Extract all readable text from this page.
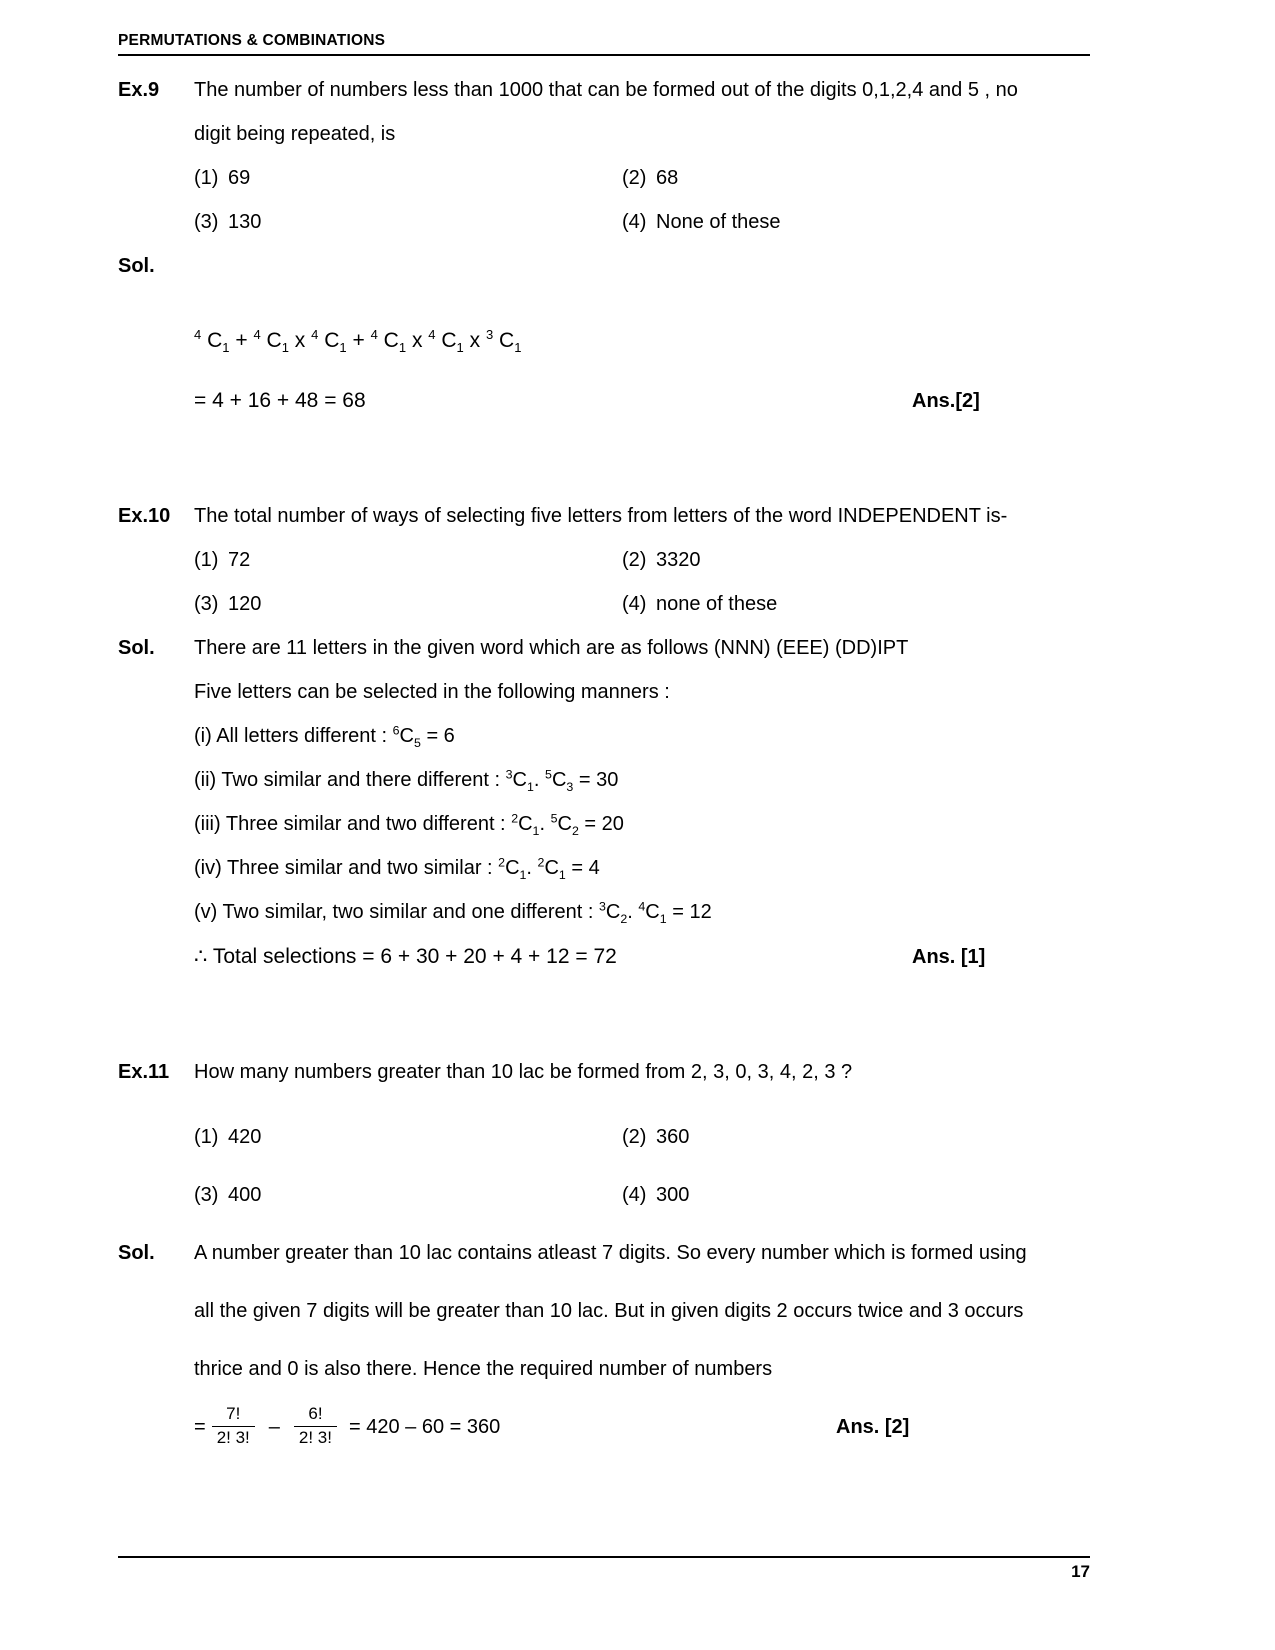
PERMUTATIONS & COMBINATIONS
Ex.9	The number of numbers less than 1000 that can be formed out of the digits 0,1,2,4 and 5 , no
digit being repeated, is

(1) 69	(2) 68
(3) 130	(4) None of these
Sol.

$^4$ $C_1 + ^4$ $C_1$ x $^4$ $C_1 + ^4$ $C_1$ x $^4$ $C_1$ x $^3$ $C_1$
= 4 + 16 + 48 = 68	Ans.[2]
Ex.10	The total number of ways of selecting five letters from letters of the word INDEPENDENT is-

(1) 72	(2) 3320
(3) 120	(4) none of these
Sol.	There are 11 letters in the given word which are as follows (NNN) (EEE) (DD)IPT
Five letters can be selected in the following manners :
(i) All letters different : $^6C_5 = 6$
(ii) Two similar and there different : $^3C_1$. $^5C_3 = 30$
(iii) Three similar and two different : $^2C_1$. $^5C_2 = 20$
(iv) Three similar and two similar : $^2C_1$. $^2C_1 = 4$
(v) Two similar, two similar and one different : $^3C_2$. $^4C_1 = 12$
∴ Total selections = 6 + 30 + 20 + 4 + 12 = 72	Ans. [1]
Ex.11	How many numbers greater than 10 lac be formed from 2, 3, 0, 3, 4, 2, 3 ?

(1) 420	(2) 360
(3) 400	(4) 300
Sol.	A number greater than 10 lac contains atleast 7 digits. So every number which is formed using
all the given 7 digits will be greater than 10 lac. But in given digits 2 occurs twice and 3 occurs
thrice and 0 is also there. Hence the required number of numbers
= $\frac{7!}{2! 3!} - \frac{6!}{2! 3!} = 420 - 60 = 360$	Ans. [2]
17
